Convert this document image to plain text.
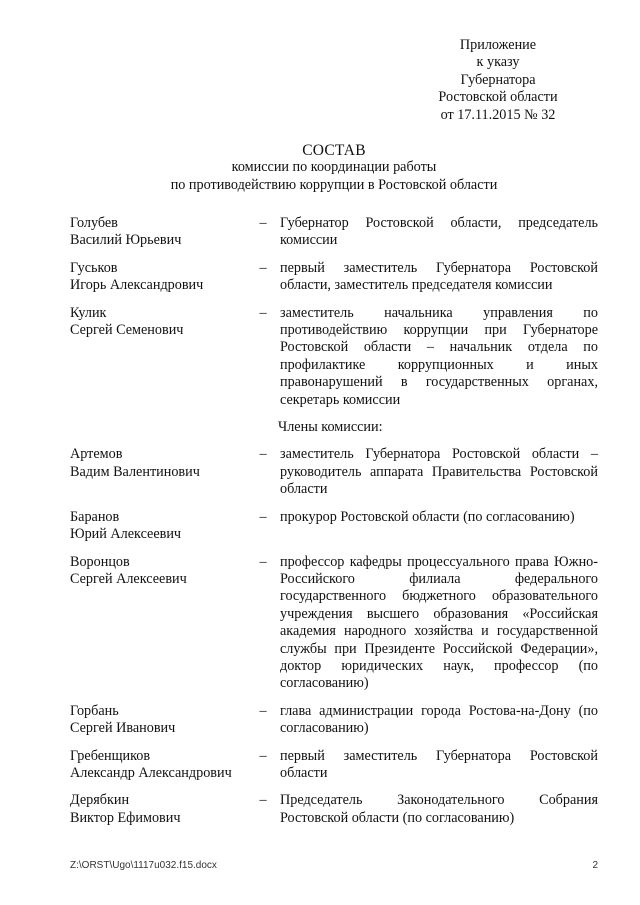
Приложение
к указу
Губернатора
Ростовской области
от 17.11.2015 № 32
СОСТАВ
комиссии по координации работы
по противодействию коррупции в Ростовской области
Голубев
Василий Юрьевич
– Губернатор Ростовской области, председатель комиссии
Гуськов
Игорь Александрович
– первый заместитель Губернатора Ростовской области, заместитель председателя комиссии
Кулик
Сергей Семенович
– заместитель начальника управления по противодействию коррупции при Губернаторе Ростовской области – начальник отдела по профилактике коррупционных и иных правонарушений в государственных органах, секретарь комиссии
Члены комиссии:
Артемов
Вадим Валентинович
– заместитель Губернатора Ростовской области – руководитель аппарата Правительства Ростовской области
Баранов
Юрий Алексеевич
– прокурор Ростовской области (по согласованию)
Воронцов
Сергей Алексеевич
– профессор кафедры процессуального права Южно-Российского филиала федерального государственного бюджетного образовательного учреждения высшего образования «Российская академия народного хозяйства и государственной службы при Президенте Российской Федерации», доктор юридических наук, профессор (по согласованию)
Горбань
Сергей Иванович
– глава администрации города Ростова-на-Дону (по согласованию)
Гребенщиков
Александр Александрович
– первый заместитель Губернатора Ростовской области
Дерябкин
Виктор Ефимович
– Председатель Законодательного Собрания Ростовской области (по согласованию)
Z:\ORST\Ugo\1117u032.f15.docx	2
